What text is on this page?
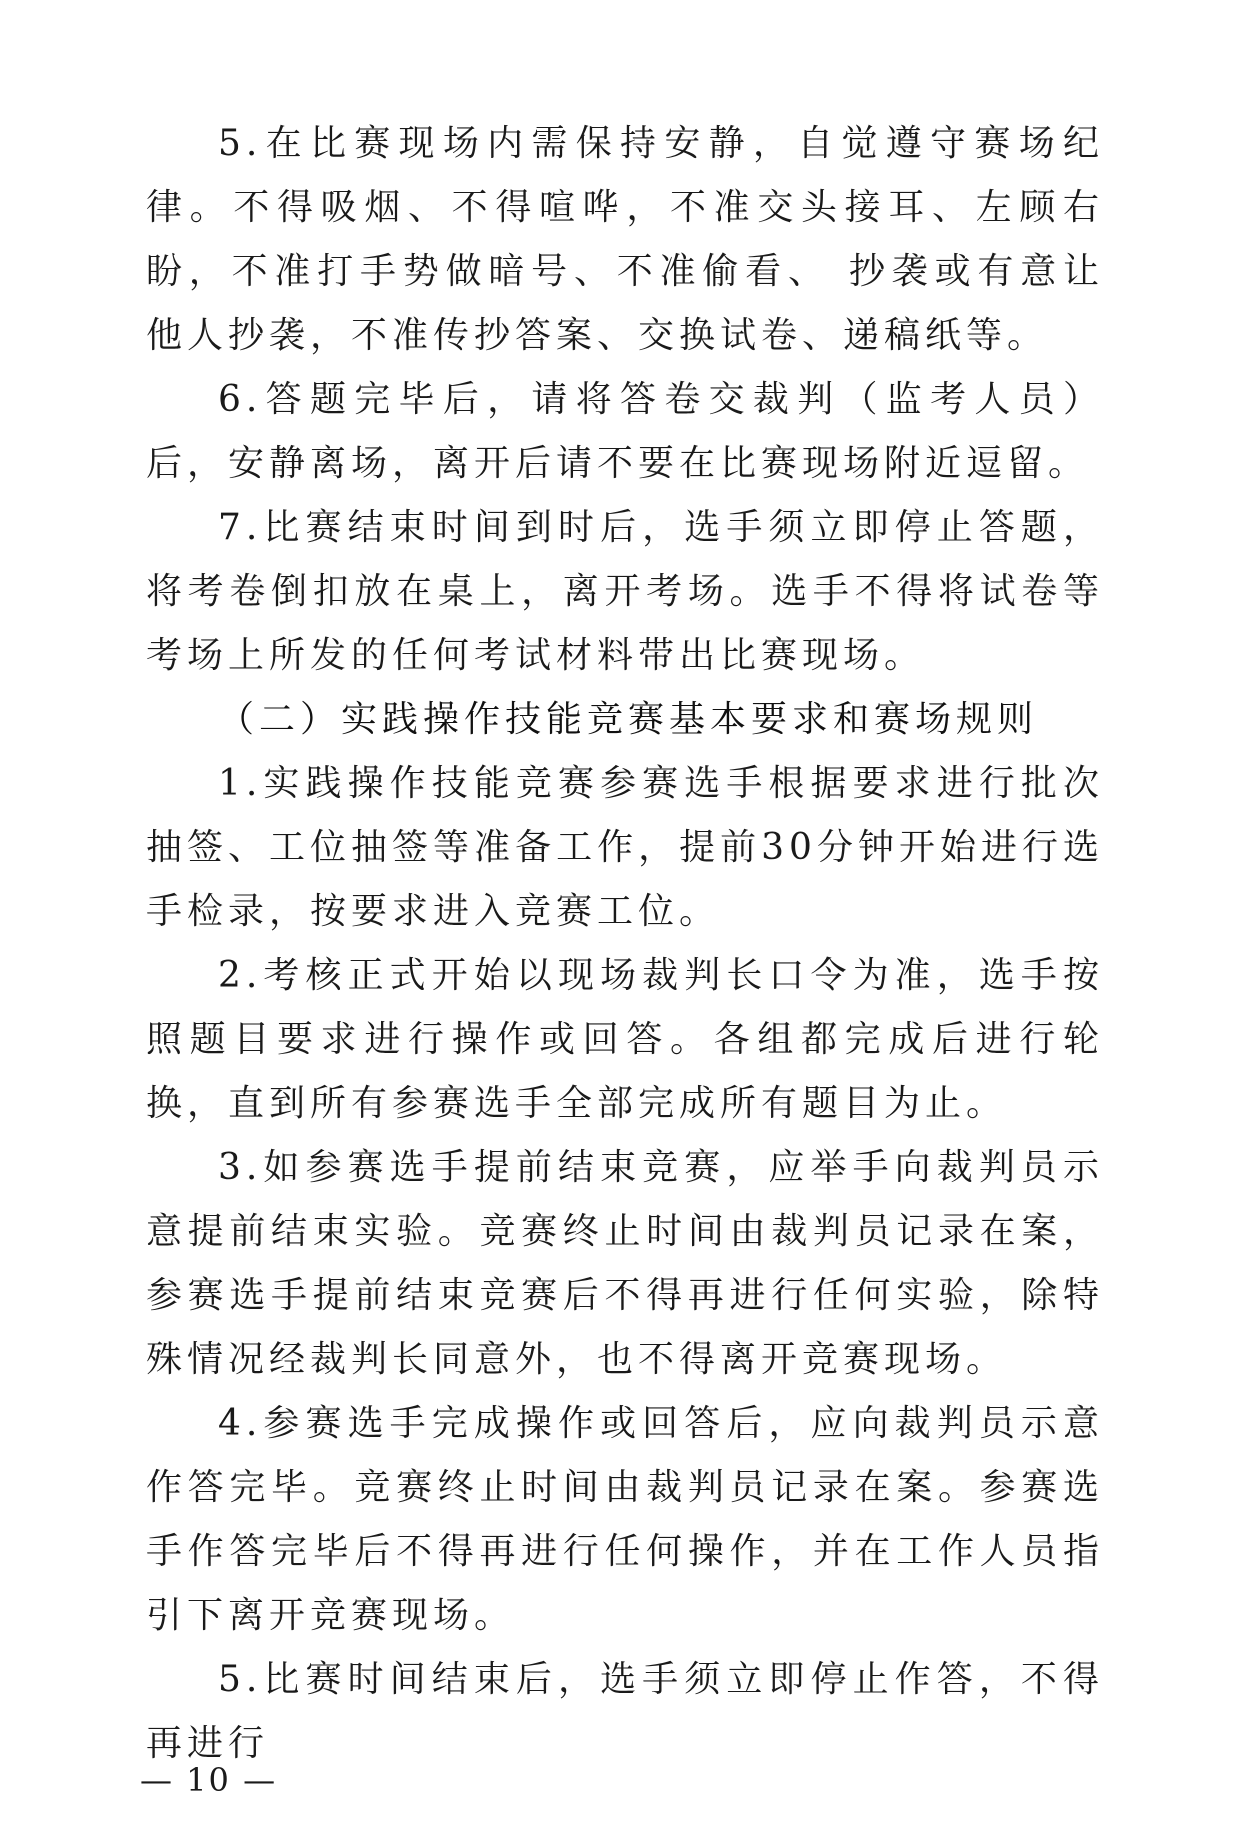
5.在比赛现场内需保持安静，自觉遵守赛场纪律。不得吸烟、不得喧哗，不准交头接耳、左顾右盼，不准打手势做暗号、不准偷看、 抄袭或有意让他人抄袭，不准传抄答案、交换试卷、递稿纸等。

6.答题完毕后，请将答卷交裁判（监考人员）后，安静离场，离开后请不要在比赛现场附近逗留。

7.比赛结束时间到时后，选手须立即停止答题，将考卷倒扣放在桌上，离开考场。选手不得将试卷等考场上所发的任何考试材料带出比赛现场。

（二）实践操作技能竞赛基本要求和赛场规则

1.实践操作技能竞赛参赛选手根据要求进行批次抽签、工位抽签等准备工作，提前30分钟开始进行选手检录，按要求进入竞赛工位。

2.考核正式开始以现场裁判长口令为准，选手按照题目要求进行操作或回答。各组都完成后进行轮换，直到所有参赛选手全部完成所有题目为止。

3.如参赛选手提前结束竞赛，应举手向裁判员示意提前结束实验。竞赛终止时间由裁判员记录在案，参赛选手提前结束竞赛后不得再进行任何实验，除特殊情况经裁判长同意外，也不得离开竞赛现场。

4.参赛选手完成操作或回答后，应向裁判员示意作答完毕。竞赛终止时间由裁判员记录在案。参赛选手作答完毕后不得再进行任何操作，并在工作人员指引下离开竞赛现场。

5.比赛时间结束后，选手须立即停止作答，不得再进行

— 10 —
